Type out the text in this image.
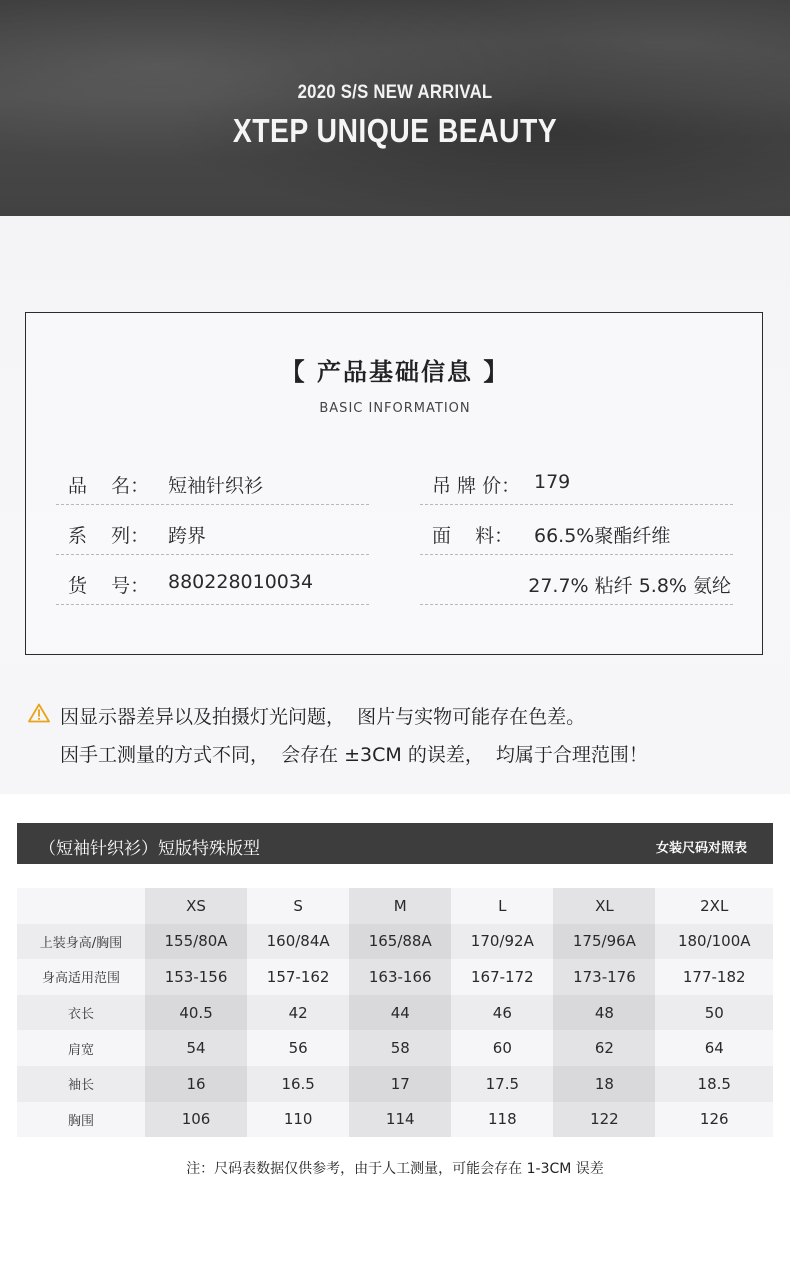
2020 S/S NEW ARRIVAL
XTEP UNIQUE BEAUTY
【 产品基础信息 】
BASIC INFORMATION
品    名： 短袖针织衫
系    列： 跨界
货    号： 880228010034
吊 牌 价： 179
面    料： 66.5%聚酯纤维
27.7% 粘纤 5.8% 氨纶
因显示器差异以及拍摄灯光问题，  图片与实物可能存在色差。
因手工测量的方式不同，  会存在 ±3CM 的误差，  均属于合理范围！
（短袖针织衫）短版特殊版型	女装尺码对照表
	XS	S	M	L	XL	2XL
上装身高/胸围	155/80A	160/84A	165/88A	170/92A	175/96A	180/100A
身高适用范围	153-156	157-162	163-166	167-172	173-176	177-182
衣长	40.5	42	44	46	48	50
肩宽	54	56	58	60	62	64
袖长	16	16.5	17	17.5	18	18.5
胸围	106	110	114	118	122	126
注：尺码表数据仅供参考，由于人工测量，可能会存在 1-3CM 误差
